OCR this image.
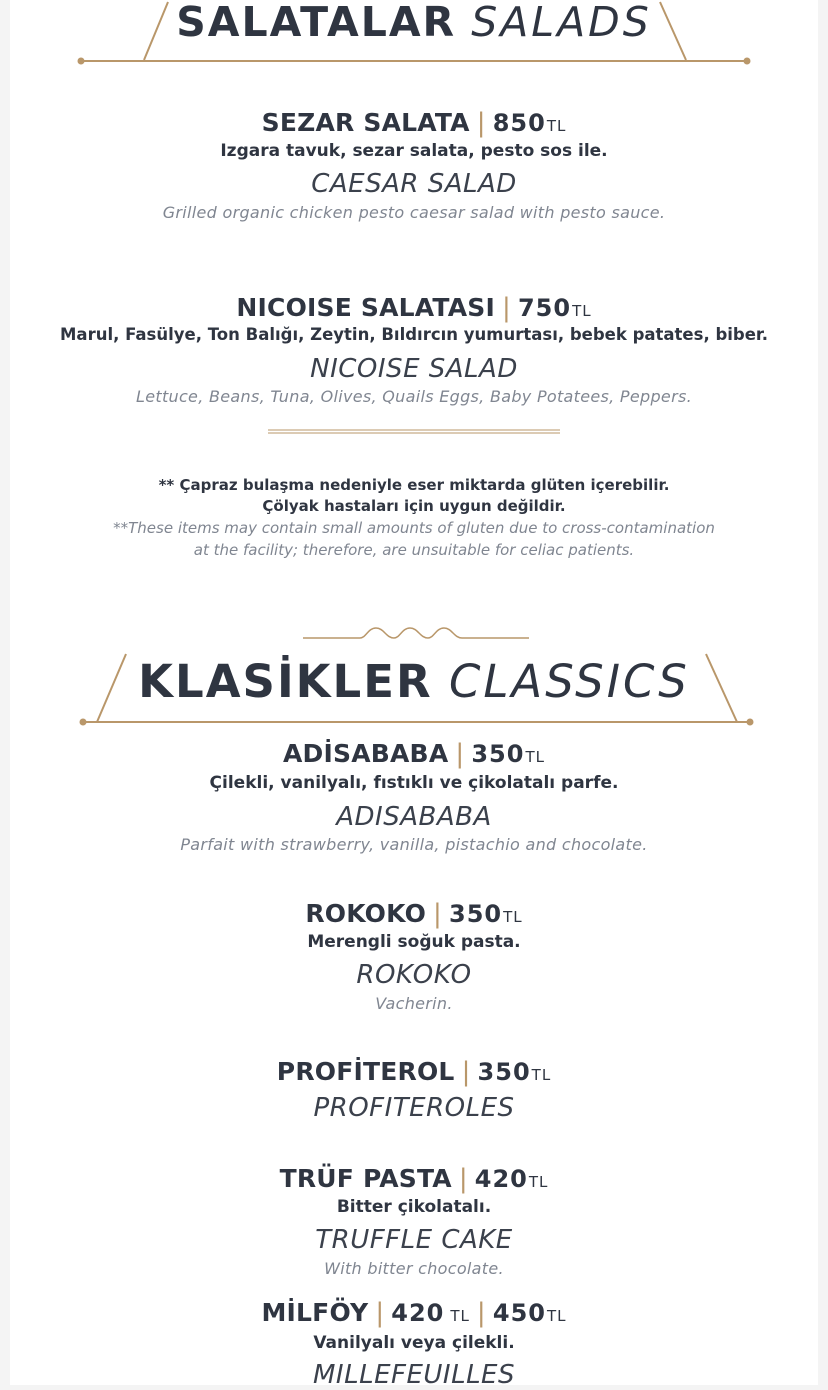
SALATALAR SALADS
SEZAR SALATA | 850TL
Izgara tavuk, sezar salata, pesto sos ile.
CAESAR SALAD
Grilled organic chicken pesto caesar salad with pesto sauce.
NICOISE SALATASI | 750TL
Marul, Fasülye, Ton Balığı, Zeytin, Bıldırcın yumurtası, bebek patates, biber.
NICOISE SALAD
Lettuce, Beans, Tuna, Olives, Quails Eggs, Baby Potatees, Peppers.
** Çapraz bulaşma nedeniyle eser miktarda glüten içerebilir.
Çölyak hastaları için uygun değildir.
**These items may contain small amounts of gluten due to cross-contamination
at the facility; therefore, are unsuitable for celiac patients.
KLASİKLER CLASSICS
ADİSABABA | 350TL
Çilekli, vanilyalı, fıstıklı ve çikolatalı parfe.
ADISABABA
Parfait with strawberry, vanilla, pistachio and chocolate.
ROKOKO | 350TL
Merengli soğuk pasta.
ROKOKO
Vacherin.
PROFİTEROL | 350TL
PROFITEROLES
TRÜF PASTA | 420TL
Bitter çikolatalı.
TRUFFLE CAKE
With bitter chocolate.
MİLFÖY | 420 TL | 450TL
Vanilyalı veya çilekli.
MILLEFEUILLES
